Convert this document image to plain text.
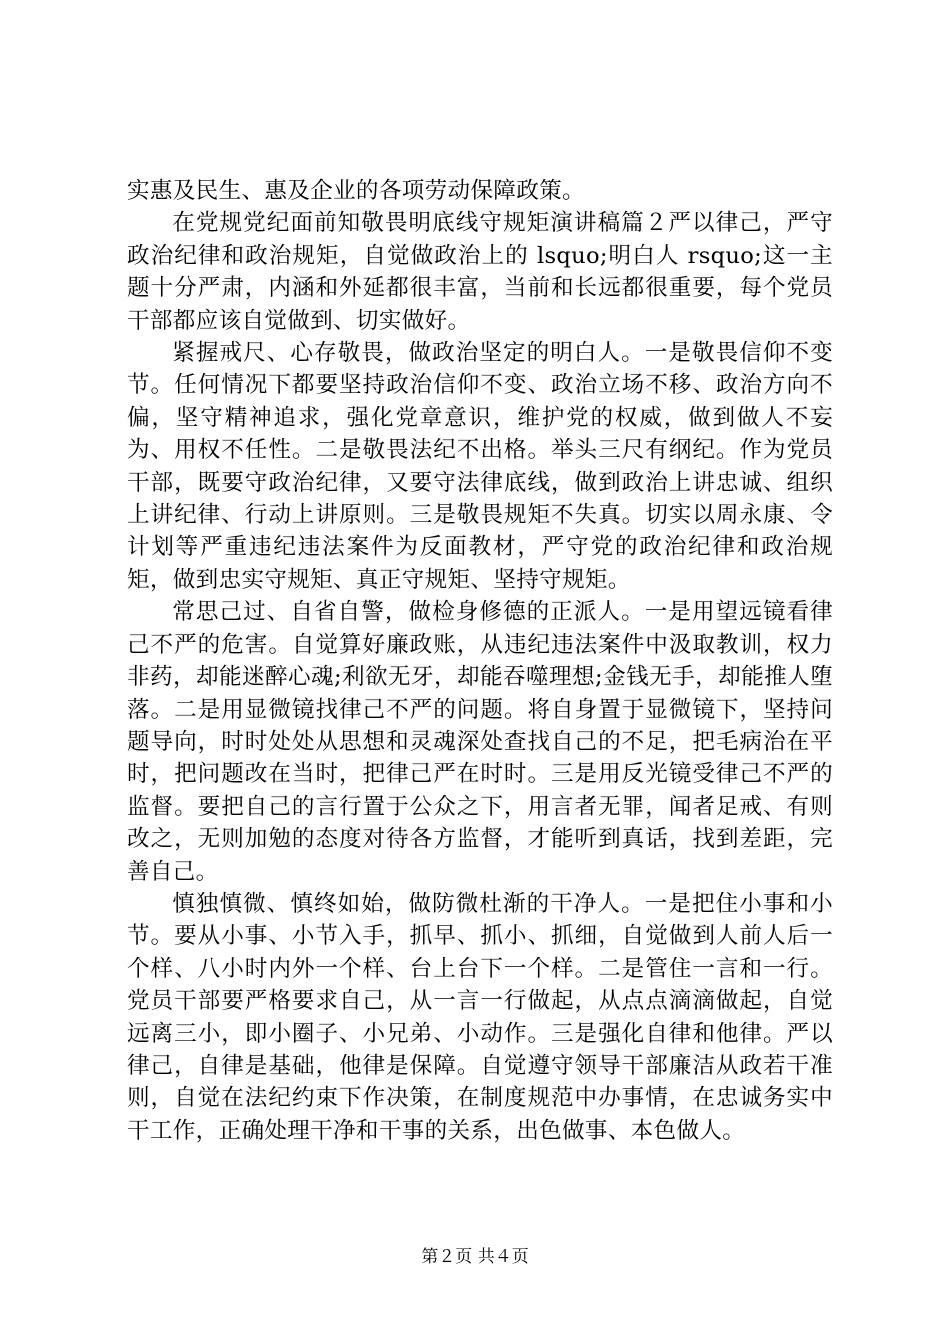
实惠及民生、惠及企业的各项劳动保障政策。

在党规党纪面前知敬畏明底线守规矩演讲稿篇２严以律己，严守政治纪律和政治规矩，自觉做政治上的 lsquo;明白人 rsquo;这一主题十分严肃，内涵和外延都很丰富，当前和长远都很重要，每个党员干部都应该自觉做到、切实做好。

紧握戒尺、心存敬畏，做政治坚定的明白人。一是敬畏信仰不变节。任何情况下都要坚持政治信仰不变、政治立场不移、政治方向不偏，坚守精神追求，强化党章意识，维护党的权威，做到做人不妄为、用权不任性。二是敬畏法纪不出格。举头三尺有纲纪。作为党员干部，既要守政治纪律，又要守法律底线，做到政治上讲忠诚、组织上讲纪律、行动上讲原则。三是敬畏规矩不失真。切实以周永康、令计划等严重违纪违法案件为反面教材，严守党的政治纪律和政治规矩，做到忠实守规矩、真正守规矩、坚持守规矩。

常思己过、自省自警，做检身修德的正派人。一是用望远镜看律己不严的危害。自觉算好廉政账，从违纪违法案件中汲取教训，权力非药，却能迷醉心魂;利欲无牙，却能吞噬理想;金钱无手，却能推人堕落。二是用显微镜找律己不严的问题。将自身置于显微镜下，坚持问题导向，时时处处从思想和灵魂深处查找自己的不足，把毛病治在平时，把问题改在当时，把律己严在时时。三是用反光镜受律己不严的监督。要把自己的言行置于公众之下，用言者无罪，闻者足戒、有则改之，无则加勉的态度对待各方监督，才能听到真话，找到差距，完善自己。

慎独慎微、慎终如始，做防微杜渐的干净人。一是把住小事和小节。要从小事、小节入手，抓早、抓小、抓细，自觉做到人前人后一个样、八小时内外一个样、台上台下一个样。二是管住一言和一行。党员干部要严格要求自己，从一言一行做起，从点点滴滴做起，自觉远离三小，即小圈子、小兄弟、小动作。三是强化自律和他律。严以律己，自律是基础，他律是保障。自觉遵守领导干部廉洁从政若干准则，自觉在法纪约束下作决策，在制度规范中办事情，在忠诚务实中干工作，正确处理干净和干事的关系，出色做事、本色做人。

第２页 共４页
